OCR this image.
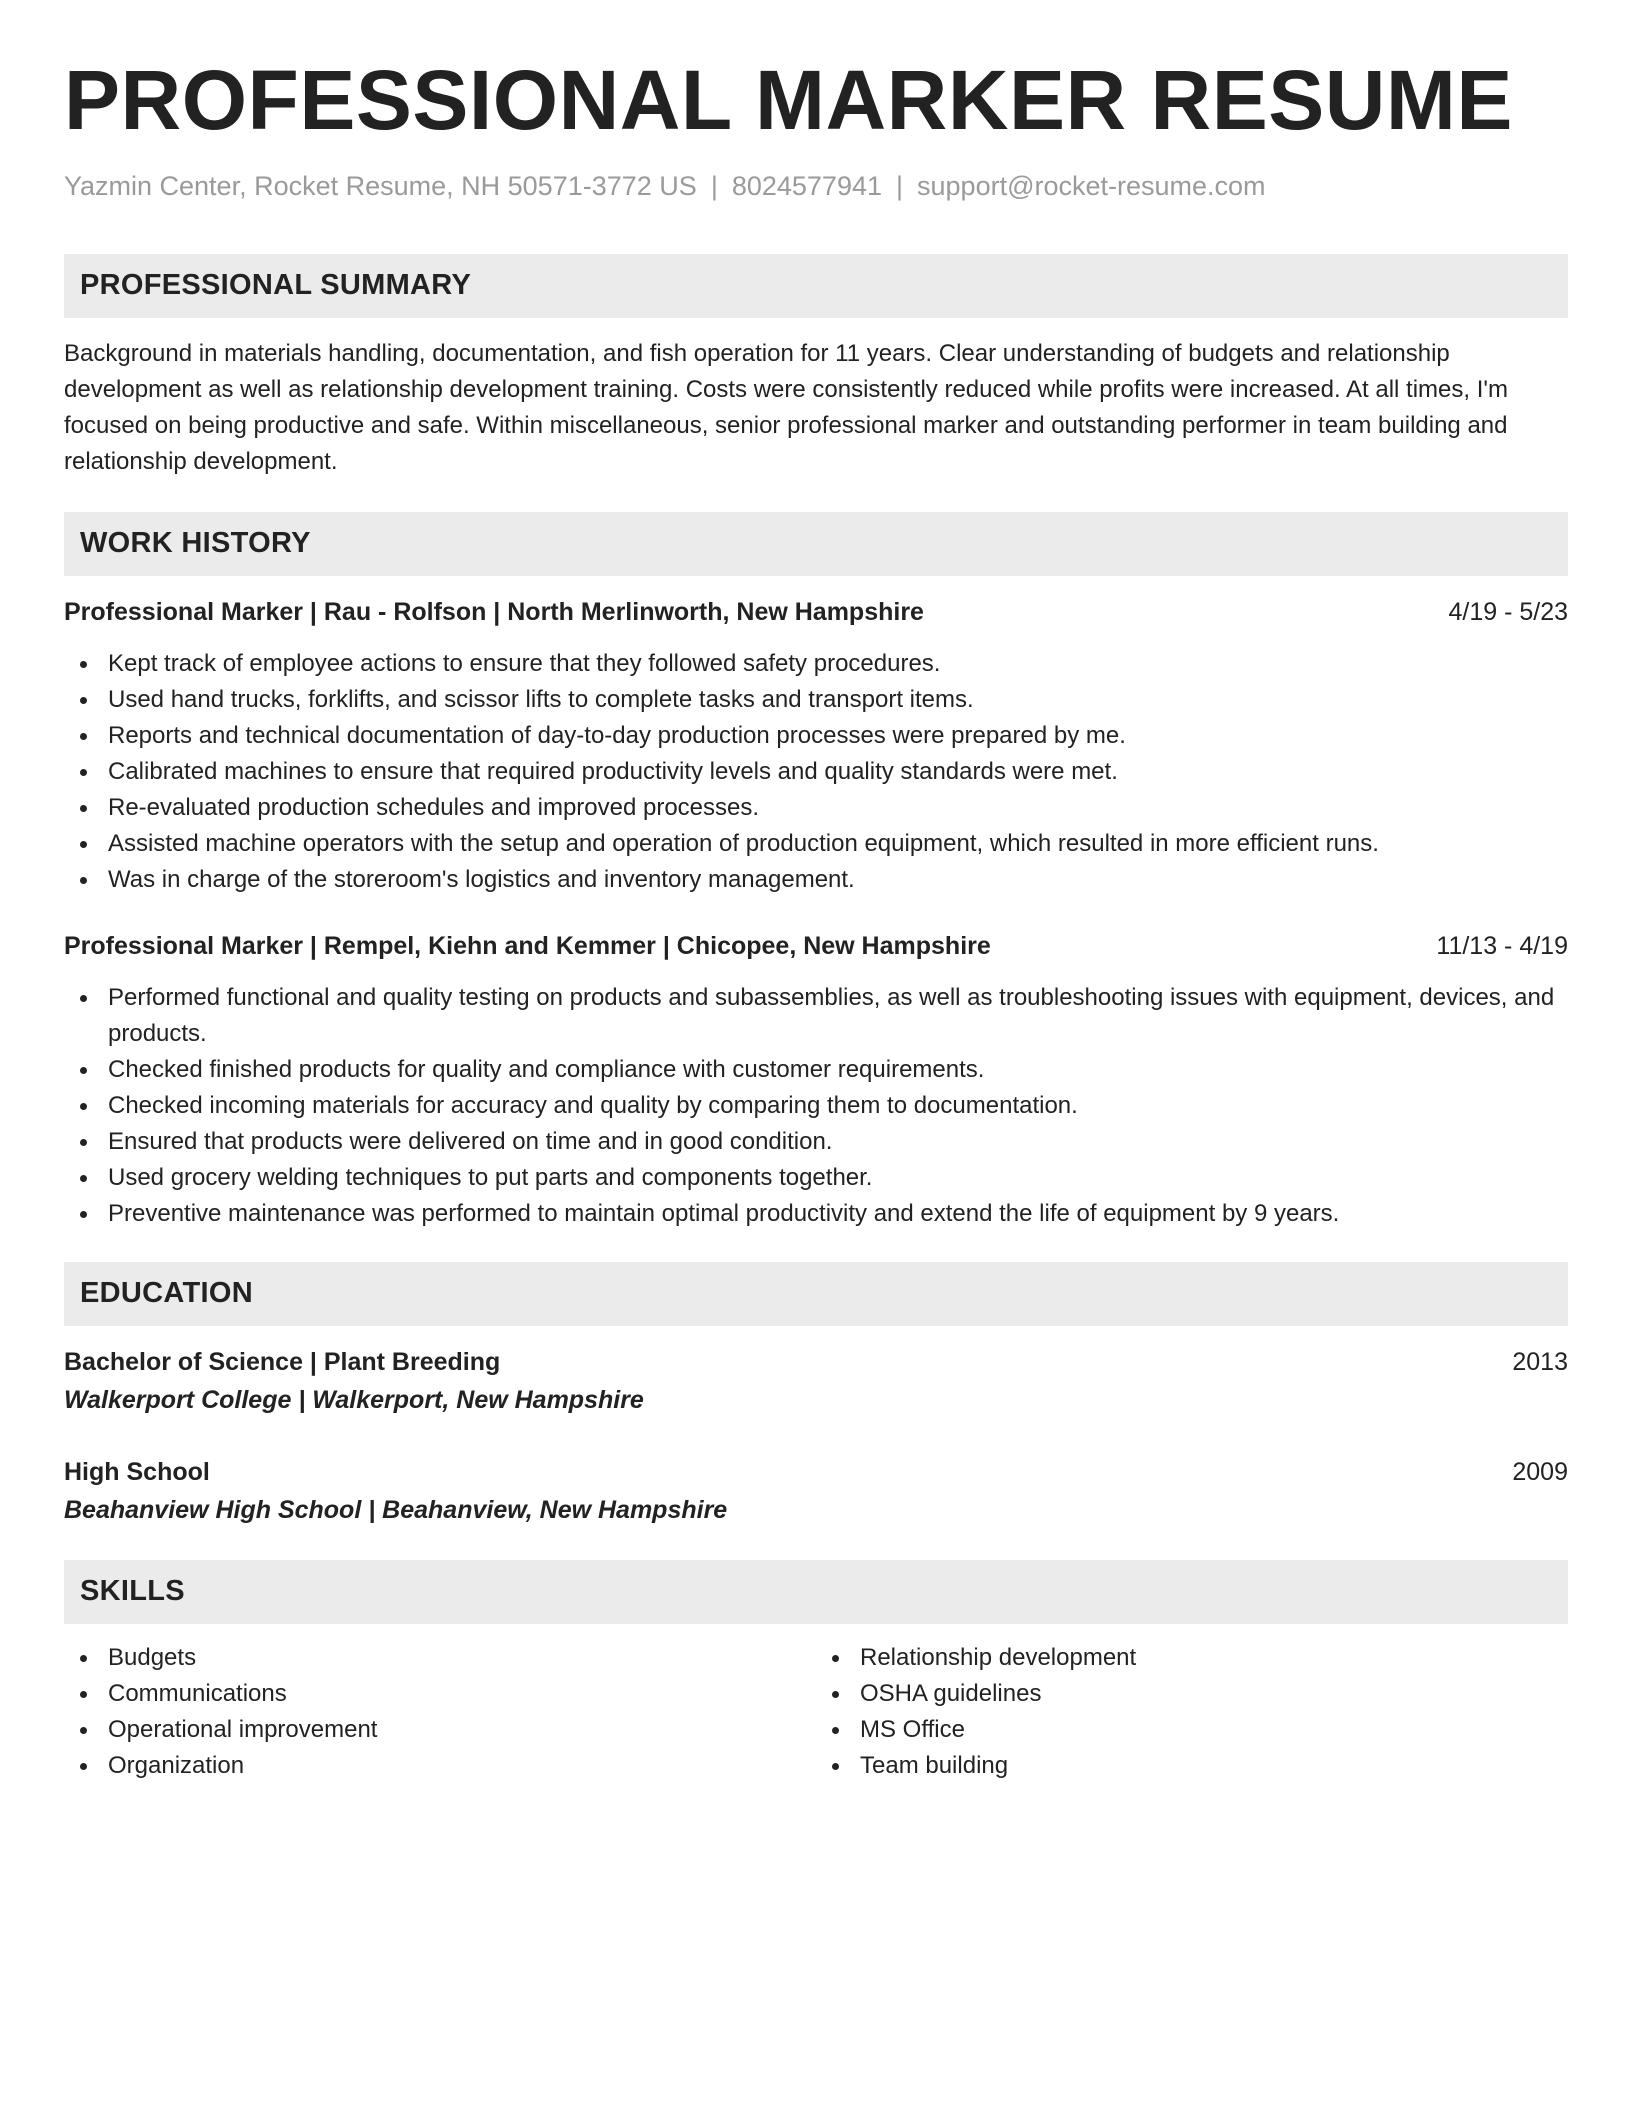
PROFESSIONAL MARKER RESUME
Yazmin Center, Rocket Resume, NH 50571-3772 US | 8024577941 | support@rocket-resume.com
PROFESSIONAL SUMMARY
Background in materials handling, documentation, and fish operation for 11 years. Clear understanding of budgets and relationship development as well as relationship development training. Costs were consistently reduced while profits were increased. At all times, I'm focused on being productive and safe. Within miscellaneous, senior professional marker and outstanding performer in team building and relationship development.
WORK HISTORY
Professional Marker | Rau - Rolfson | North Merlinworth, New Hampshire	4/19 - 5/23
Kept track of employee actions to ensure that they followed safety procedures.
Used hand trucks, forklifts, and scissor lifts to complete tasks and transport items.
Reports and technical documentation of day-to-day production processes were prepared by me.
Calibrated machines to ensure that required productivity levels and quality standards were met.
Re-evaluated production schedules and improved processes.
Assisted machine operators with the setup and operation of production equipment, which resulted in more efficient runs.
Was in charge of the storeroom's logistics and inventory management.
Professional Marker | Rempel, Kiehn and Kemmer | Chicopee, New Hampshire	11/13 - 4/19
Performed functional and quality testing on products and subassemblies, as well as troubleshooting issues with equipment, devices, and products.
Checked finished products for quality and compliance with customer requirements.
Checked incoming materials for accuracy and quality by comparing them to documentation.
Ensured that products were delivered on time and in good condition.
Used grocery welding techniques to put parts and components together.
Preventive maintenance was performed to maintain optimal productivity and extend the life of equipment by 9 years.
EDUCATION
Bachelor of Science | Plant Breeding	2013
Walkerport College | Walkerport, New Hampshire
High School	2009
Beahanview High School | Beahanview, New Hampshire
SKILLS
Budgets
Communications
Operational improvement
Organization
Relationship development
OSHA guidelines
MS Office
Team building
